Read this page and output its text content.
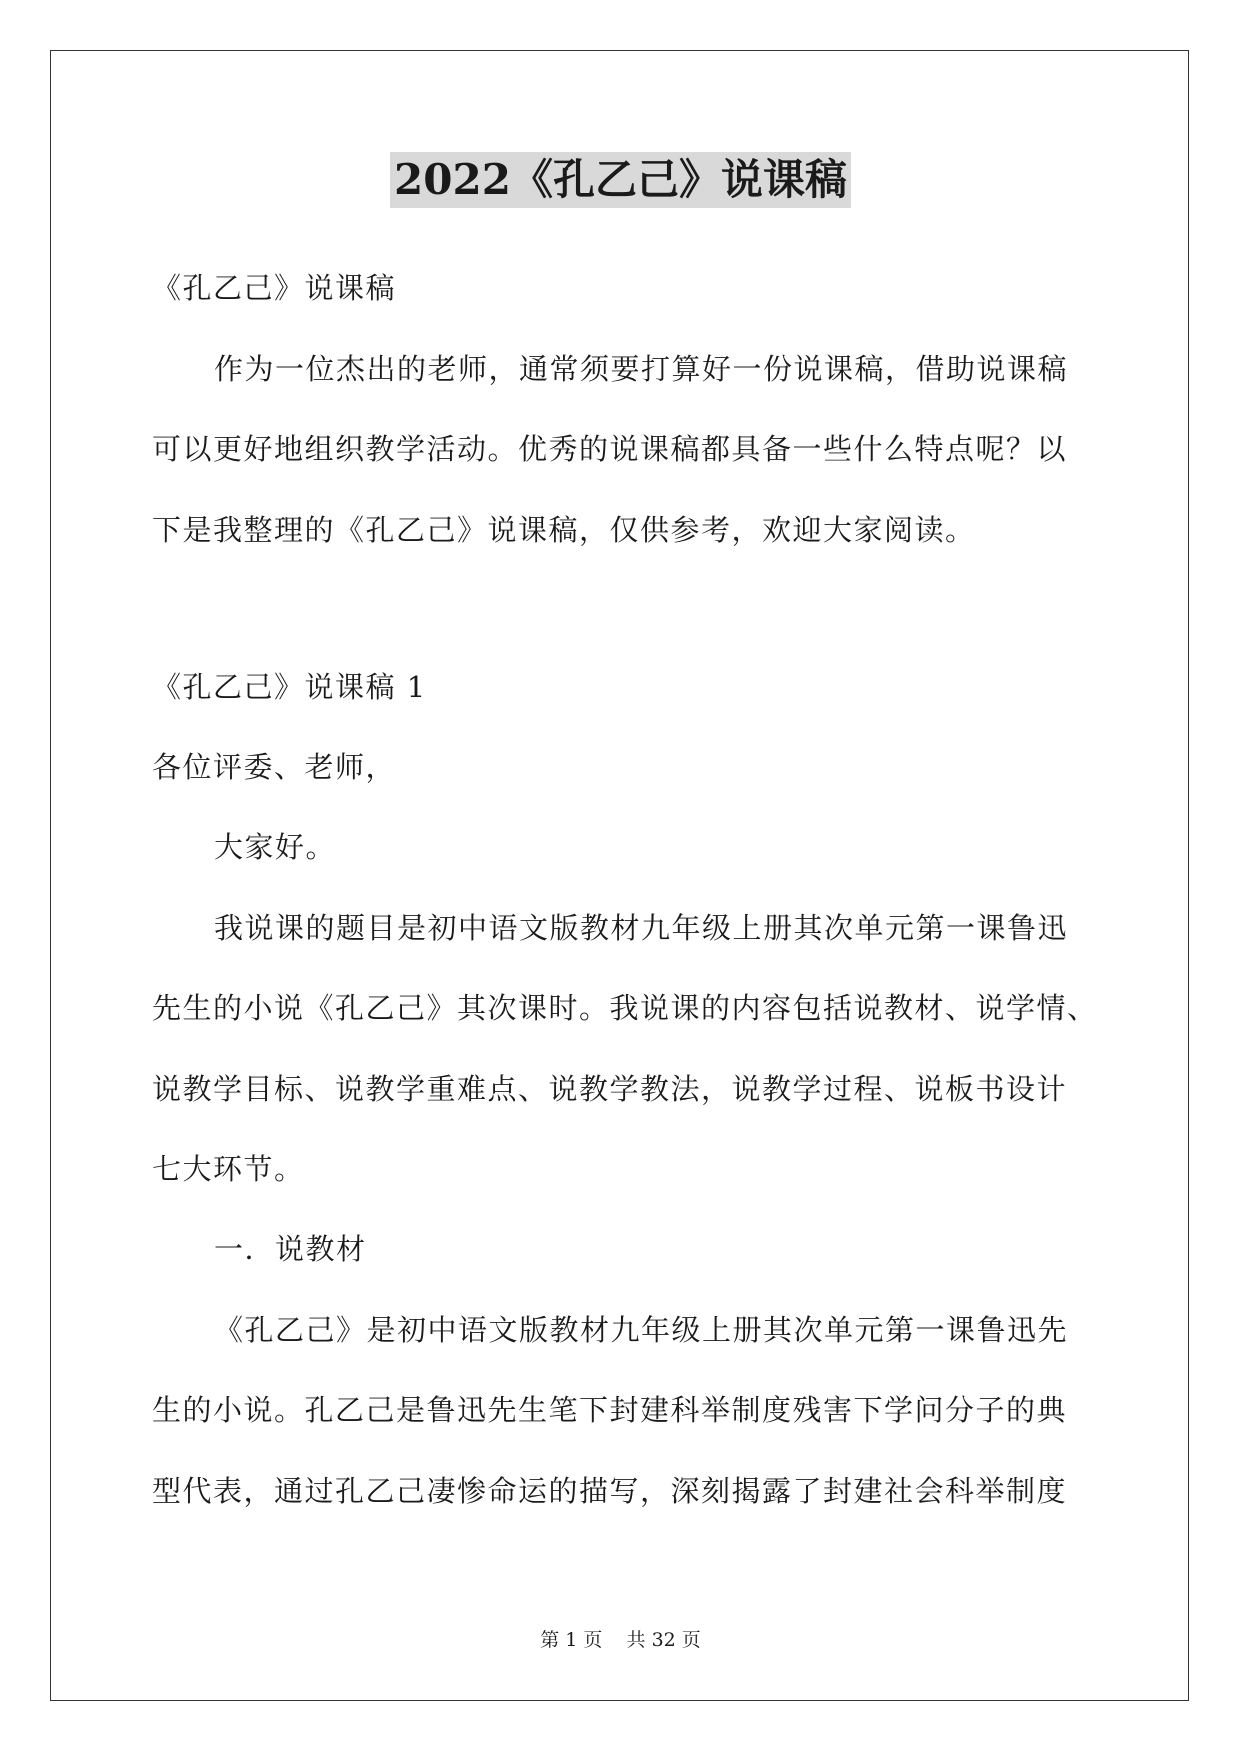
2022《孔乙己》说课稿
《孔乙己》说课稿
作为一位杰出的老师，通常须要打算好一份说课稿，借助说课稿
可以更好地组织教学活动。优秀的说课稿都具备一些什么特点呢？以
下是我整理的《孔乙己》说课稿，仅供参考，欢迎大家阅读。
《孔乙己》说课稿 1
各位评委、老师，
大家好。
我说课的题目是初中语文版教材九年级上册其次单元第一课鲁迅
先生的小说《孔乙己》其次课时。我说课的内容包括说教材、说学情、
说教学目标、说教学重难点、说教学教法，说教学过程、说板书设计
七大环节。
一．说教材
《孔乙己》是初中语文版教材九年级上册其次单元第一课鲁迅先
生的小说。孔乙己是鲁迅先生笔下封建科举制度残害下学问分子的典
型代表，通过孔乙己凄惨命运的描写，深刻揭露了封建社会科举制度
第 1 页    共 32 页
